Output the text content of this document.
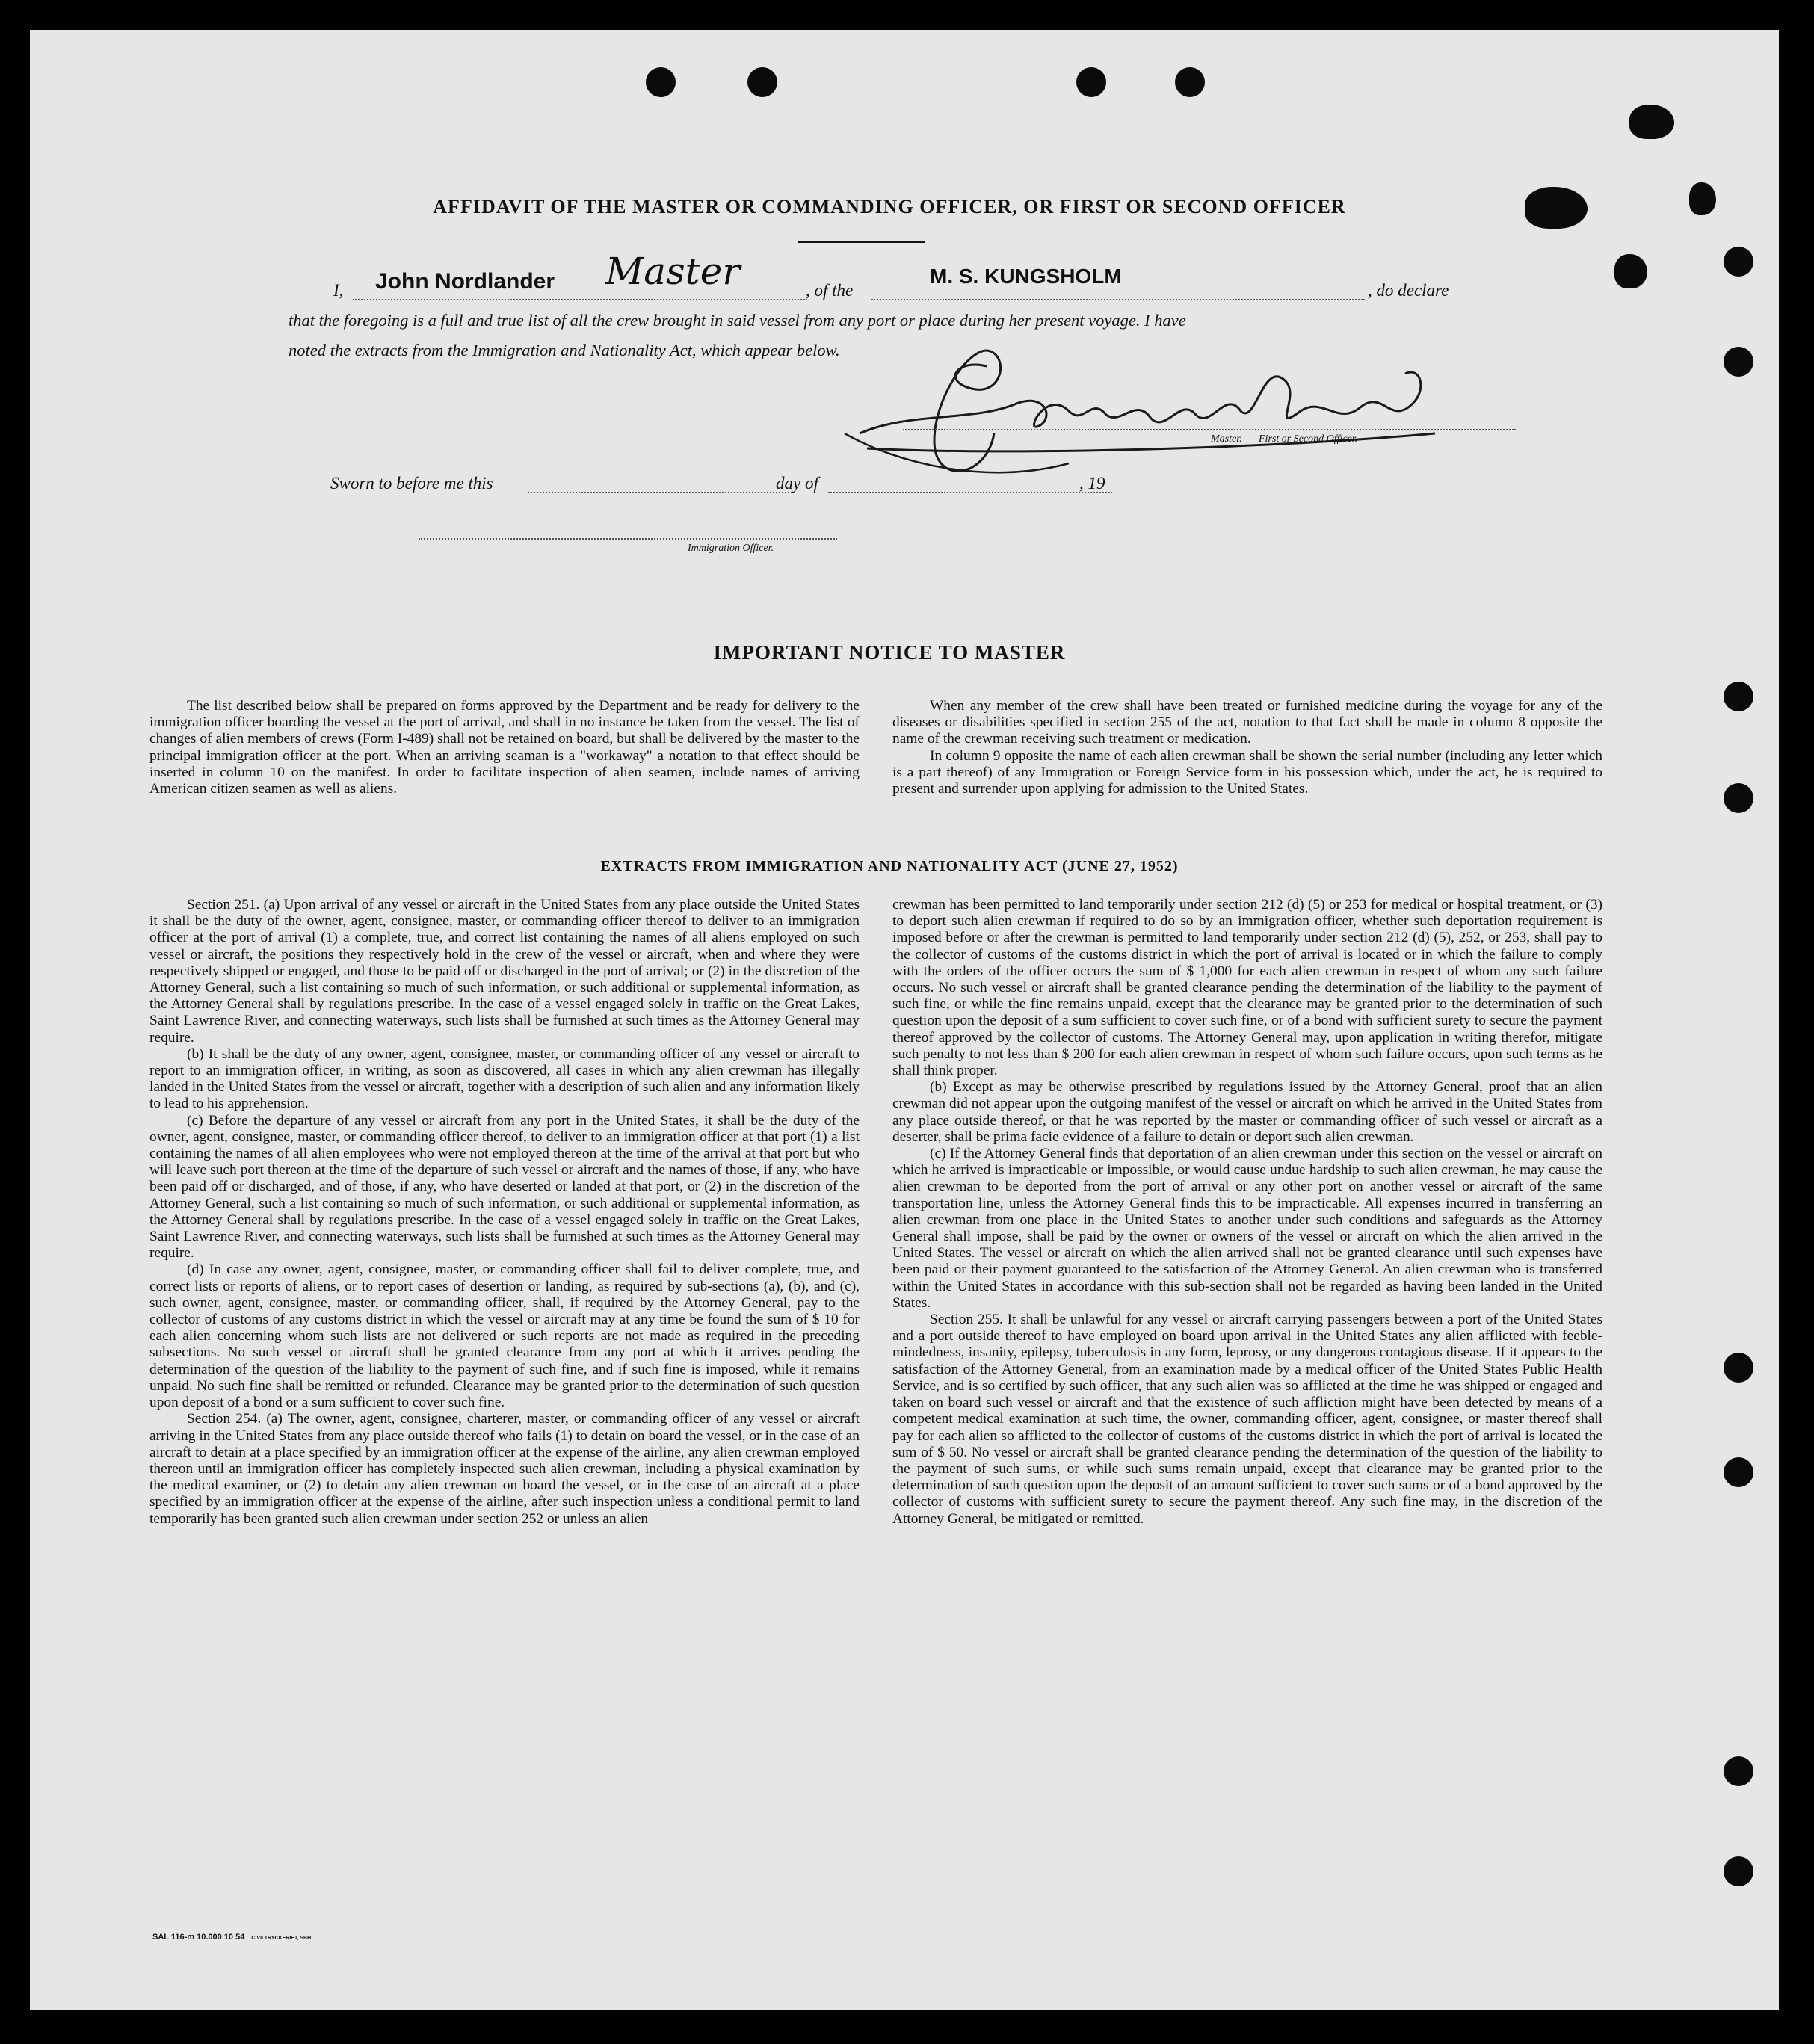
AFFIDAVIT OF THE MASTER OR COMMANDING OFFICER, OR FIRST OR SECOND OFFICER
I, John Nordlander Master	, of the
M. S. KUNGSHOLM
, do declare
that the foregoing is a full and true list of all the crew brought in said vessel from any port or place during her present voyage. I have
noted the extracts from the Immigration and Nationality Act, which appear below.
Master. First or Second Officer.
Sworn to before me this	day of	, 19
Immigration Officer.
IMPORTANT NOTICE TO MASTER

The list described below shall be prepared on forms approved by the Department and be ready for delivery to the immigration officer boarding the vessel at the port of arrival, and shall in no instance be taken from the vessel. The list of changes of alien members of crews (Form I-489) shall not be retained on board, but shall be delivered by the master to the principal immigration officer at the port. When an arriving seaman is a "workaway" a notation to that effect should be inserted in column 10 on the manifest. In order to facilitate inspection of alien seamen, include names of arriving American citizen seamen as well as aliens.

When any member of the crew shall have been treated or furnished medicine during the voyage for any of the diseases or disabilities specified in section 255 of the act, notation to that fact shall be made in column 8 opposite the name of the crewman receiving such treatment or medication.

In column 9 opposite the name of each alien crewman shall be shown the serial number (including any letter which is a part thereof) of any Immigration or Foreign Service form in his possession which, under the act, he is required to present and surrender upon applying for admission to the United States.

EXTRACTS FROM IMMIGRATION AND NATIONALITY ACT (JUNE 27, 1952)

Section 251. (a) Upon arrival of any vessel or aircraft in the United States from any place outside the United States it shall be the duty of the owner, agent, consignee, master, or commanding officer thereof to deliver to an immigration officer at the port of arrival (1) a complete, true, and correct list containing the names of all aliens employed on such vessel or aircraft, the positions they respectively hold in the crew of the vessel or aircraft, when and where they were respectively shipped or engaged, and those to be paid off or discharged in the port of arrival; or (2) in the discretion of the Attorney General, such a list containing so much of such information, or such additional or supplemental information, as the Attorney General shall by regulations prescribe. In the case of a vessel engaged solely in traffic on the Great Lakes, Saint Lawrence River, and connecting waterways, such lists shall be furnished at such times as the Attorney General may require.

(b) It shall be the duty of any owner, agent, consignee, master, or commanding officer of any vessel or aircraft to report to an immigration officer, in writing, as soon as discovered, all cases in which any alien crewman has illegally landed in the United States from the vessel or aircraft, together with a description of such alien and any information likely to lead to his apprehension.

(c) Before the departure of any vessel or aircraft from any port in the United States, it shall be the duty of the owner, agent, consignee, master, or commanding officer thereof, to deliver to an immigration officer at that port (1) a list containing the names of all alien employees who were not employed thereon at the time of the arrival at that port but who will leave such port thereon at the time of the departure of such vessel or aircraft and the names of those, if any, who have been paid off or discharged, and of those, if any, who have deserted or landed at that port, or (2) in the discretion of the Attorney General, such a list containing so much of such information, or such additional or supplemental information, as the Attorney General shall by regulations prescribe. In the case of a vessel engaged solely in traffic on the Great Lakes, Saint Lawrence River, and connecting waterways, such lists shall be furnished at such times as the Attorney General may require.

(d) In case any owner, agent, consignee, master, or commanding officer shall fail to deliver complete, true, and correct lists or reports of aliens, or to report cases of desertion or landing, as required by sub-sections (a), (b), and (c), such owner, agent, consignee, master, or commanding officer, shall, if required by the Attorney General, pay to the collector of customs of any customs district in which the vessel or aircraft may at any time be found the sum of $ 10 for each alien concerning whom such lists are not delivered or such reports are not made as required in the preceding subsections. No such vessel or aircraft shall be granted clearance from any port at which it arrives pending the determination of the question of the liability to the payment of such fine, and if such fine is imposed, while it remains unpaid. No such fine shall be remitted or refunded. Clearance may be granted prior to the determination of such question upon deposit of a bond or a sum sufficient to cover such fine.

Section 254. (a) The owner, agent, consignee, charterer, master, or commanding officer of any vessel or aircraft arriving in the United States from any place outside thereof who fails (1) to detain on board the vessel, or in the case of an aircraft to detain at a place specified by an immigration officer at the expense of the airline, any alien crewman employed thereon until an immigration officer has completely inspected such alien crewman, including a physical examination by the medical examiner, or (2) to detain any alien crewman on board the vessel, or in the case of an aircraft at a place specified by an immigration officer at the expense of the airline, after such inspection unless a conditional permit to land temporarily has been granted such alien crewman under section 252 or unless an alien

crewman has been permitted to land temporarily under section 212 (d) (5) or 253 for medical or hospital treatment, or (3) to deport such alien crewman if required to do so by an immigration officer, whether such deportation requirement is imposed before or after the crewman is permitted to land temporarily under section 212 (d) (5), 252, or 253, shall pay to the collector of customs of the customs district in which the port of arrival is located or in which the failure to comply with the orders of the officer occurs the sum of $ 1,000 for each alien crewman in respect of whom any such failure occurs. No such vessel or aircraft shall be granted clearance pending the determination of the liability to the payment of such fine, or while the fine remains unpaid, except that the clearance may be granted prior to the determination of such question upon the deposit of a sum sufficient to cover such fine, or of a bond with sufficient surety to secure the payment thereof approved by the collector of customs. The Attorney General may, upon application in writing therefor, mitigate such penalty to not less than $ 200 for each alien crewman in respect of whom such failure occurs, upon such terms as he shall think proper.

(b) Except as may be otherwise prescribed by regulations issued by the Attorney General, proof that an alien crewman did not appear upon the outgoing manifest of the vessel or aircraft on which he arrived in the United States from any place outside thereof, or that he was reported by the master or commanding officer of such vessel or aircraft as a deserter, shall be prima facie evidence of a failure to detain or deport such alien crewman.

(c) If the Attorney General finds that deportation of an alien crewman under this section on the vessel or aircraft on which he arrived is impracticable or impossible, or would cause undue hardship to such alien crewman, he may cause the alien crewman to be deported from the port of arrival or any other port on another vessel or aircraft of the same transportation line, unless the Attorney General finds this to be impracticable. All expenses incurred in transferring an alien crewman from one place in the United States to another under such conditions and safeguards as the Attorney General shall impose, shall be paid by the owner or owners of the vessel or aircraft on which the alien arrived in the United States. The vessel or aircraft on which the alien arrived shall not be granted clearance until such expenses have been paid or their payment guaranteed to the satisfaction of the Attorney General. An alien crewman who is transferred within the United States in accordance with this sub-section shall not be regarded as having been landed in the United States.

Section 255. It shall be unlawful for any vessel or aircraft carrying passengers between a port of the United States and a port outside thereof to have employed on board upon arrival in the United States any alien afflicted with feeble-mindedness, insanity, epilepsy, tuberculosis in any form, leprosy, or any dangerous contagious disease. If it appears to the satisfaction of the Attorney General, from an examination made by a medical officer of the United States Public Health Service, and is so certified by such officer, that any such alien was so afflicted at the time he was shipped or engaged and taken on board such vessel or aircraft and that the existence of such affliction might have been detected by means of a competent medical examination at such time, the owner, commanding officer, agent, consignee, or master thereof shall pay for each alien so afflicted to the collector of customs of the customs district in which the port of arrival is located the sum of $ 50. No vessel or aircraft shall be granted clearance pending the determination of the question of the liability to the payment of such sums, or while such sums remain unpaid, except that clearance may be granted prior to the determination of such question upon the deposit of an amount sufficient to cover such sums or of a bond approved by the collector of customs with sufficient surety to secure the payment thereof. Any such fine may, in the discretion of the Attorney General, be mitigated or remitted.

SAL 116-m 10.000 10 54 CIVILTRYCKERIET, SBH
